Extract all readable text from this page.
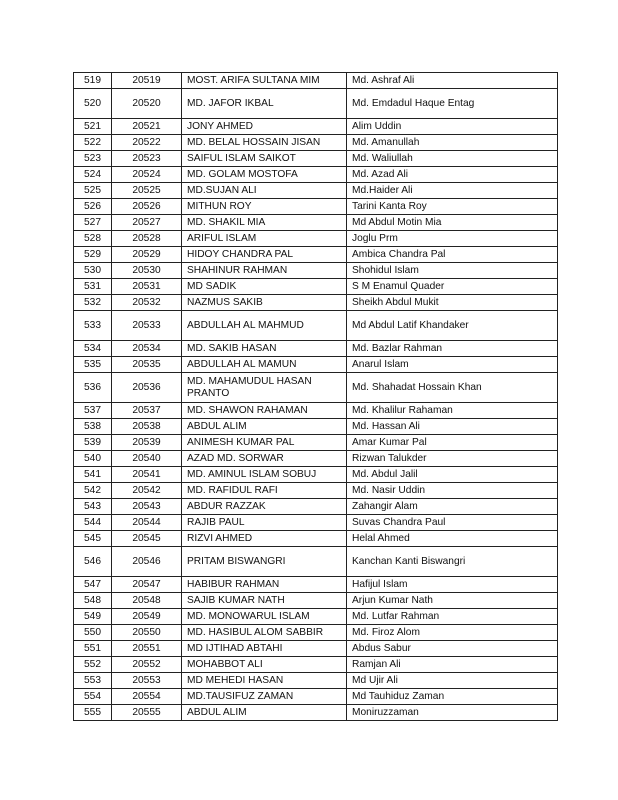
519	20519	MOST. ARIFA SULTANA MIM	Md. Ashraf Ali
520	20520	MD. JAFOR IKBAL	Md. Emdadul Haque Entag
521	20521	JONY AHMED	Alim Uddin
522	20522	MD. BELAL HOSSAIN JISAN	Md. Amanullah
523	20523	SAIFUL ISLAM SAIKOT	Md. Waliullah
524	20524	MD. GOLAM MOSTOFA	Md. Azad Ali
525	20525	MD.SUJAN ALI	Md.Haider Ali
526	20526	MITHUN ROY	Tarini Kanta Roy
527	20527	MD. SHAKIL MIA	Md Abdul Motin Mia
528	20528	ARIFUL ISLAM	Joglu Prm
529	20529	HIDOY CHANDRA PAL	Ambica Chandra Pal
530	20530	SHAHINUR RAHMAN	Shohidul Islam
531	20531	MD SADIK	S M Enamul Quader
532	20532	NAZMUS SAKIB	Sheikh Abdul Mukit
533	20533	ABDULLAH AL MAHMUD	Md Abdul Latif Khandaker
534	20534	MD. SAKIB HASAN	Md. Bazlar Rahman
535	20535	ABDULLAH AL MAMUN	Anarul Islam
536	20536	MD. MAHAMUDUL HASAN PRANTO	Md. Shahadat Hossain Khan
537	20537	MD. SHAWON RAHAMAN	Md. Khalilur Rahaman
538	20538	ABDUL ALIM	Md. Hassan Ali
539	20539	ANIMESH KUMAR PAL	Amar Kumar Pal
540	20540	AZAD MD. SORWAR	Rizwan Talukder
541	20541	MD. AMINUL ISLAM SOBUJ	Md. Abdul Jalil
542	20542	MD. RAFIDUL RAFI	Md. Nasir Uddin
543	20543	ABDUR RAZZAK	Zahangir Alam
544	20544	RAJIB PAUL	Suvas Chandra Paul
545	20545	RIZVI AHMED	Helal Ahmed
546	20546	PRITAM BISWANGRI	Kanchan Kanti Biswangri
547	20547	HABIBUR RAHMAN	Hafijul Islam
548	20548	SAJIB KUMAR NATH	Arjun Kumar Nath
549	20549	MD. MONOWARUL ISLAM	Md. Lutfar Rahman
550	20550	MD. HASIBUL ALOM SABBIR	Md. Firoz Alom
551	20551	MD IJTIHAD ABTAHI	Abdus Sabur
552	20552	MOHABBOT ALI	Ramjan Ali
553	20553	MD MEHEDI HASAN	Md Ujir Ali
554	20554	MD.TAUSIFUZ ZAMAN	Md Tauhiduz Zaman
555	20555	ABDUL ALIM	Moniruzzaman
